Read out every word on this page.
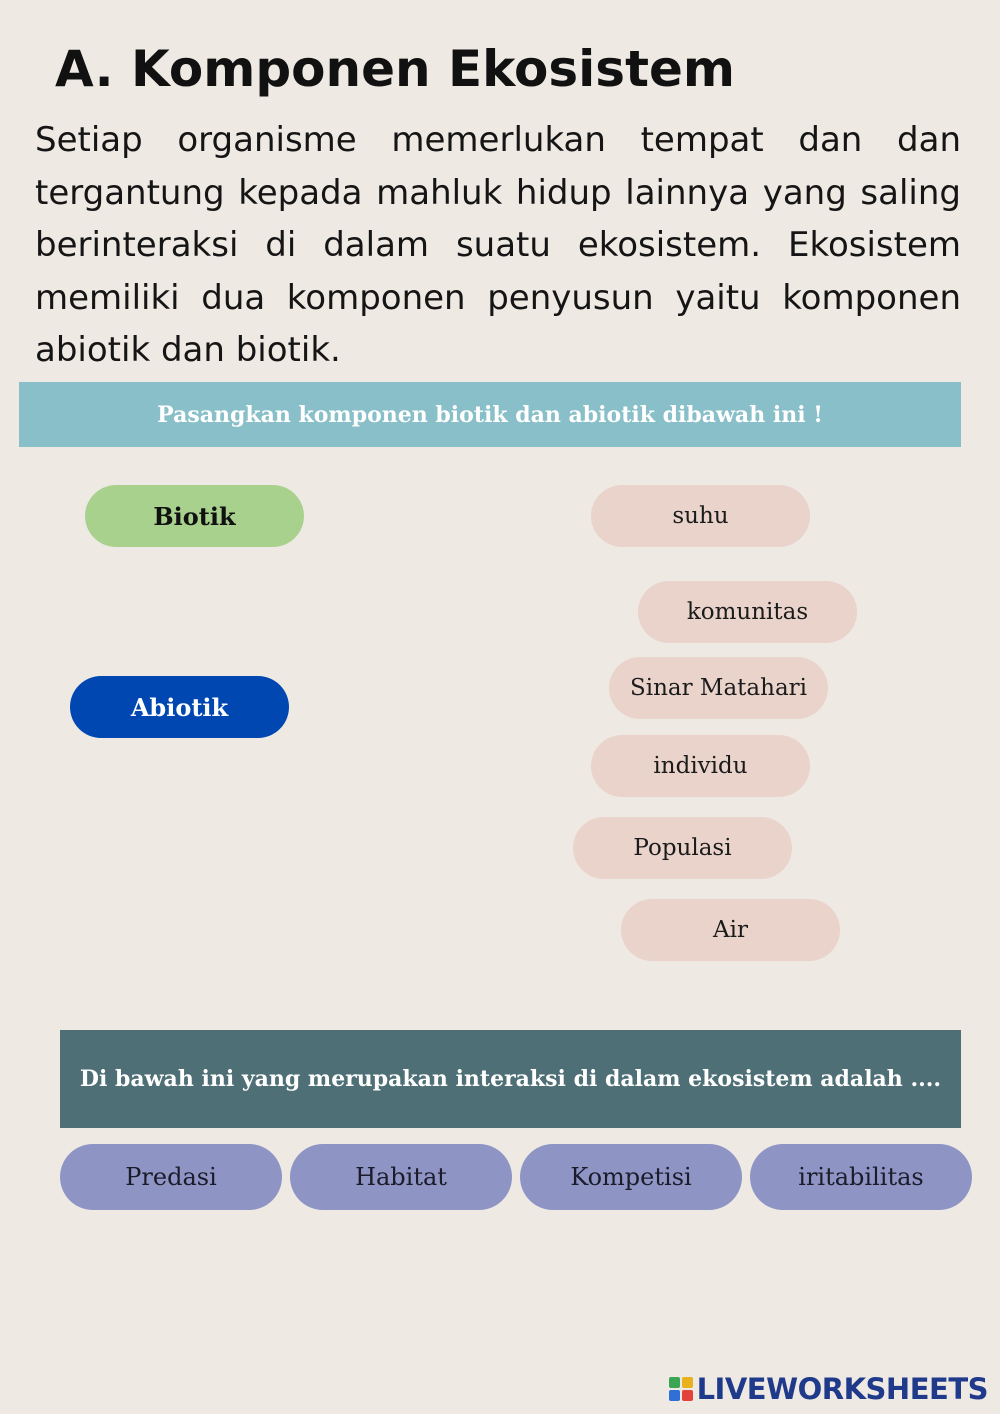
A. Komponen Ekosistem

Setiap organisme memerlukan tempat dan dan tergantung kepada mahluk hidup lainnya yang saling berinteraksi di dalam suatu ekosistem. Ekosistem memiliki dua komponen penyusun yaitu komponen abiotik dan biotik.

Pasangkan komponen biotik dan abiotik dibawah ini !
Biotik
Abiotik
suhu
komunitas
Sinar Matahari
individu
Populasi
Air
Di bawah ini yang merupakan interaksi di dalam ekosistem adalah ....
Predasi	Habitat	Kompetisi	iritabilitas
LIVEWORKSHEETS
